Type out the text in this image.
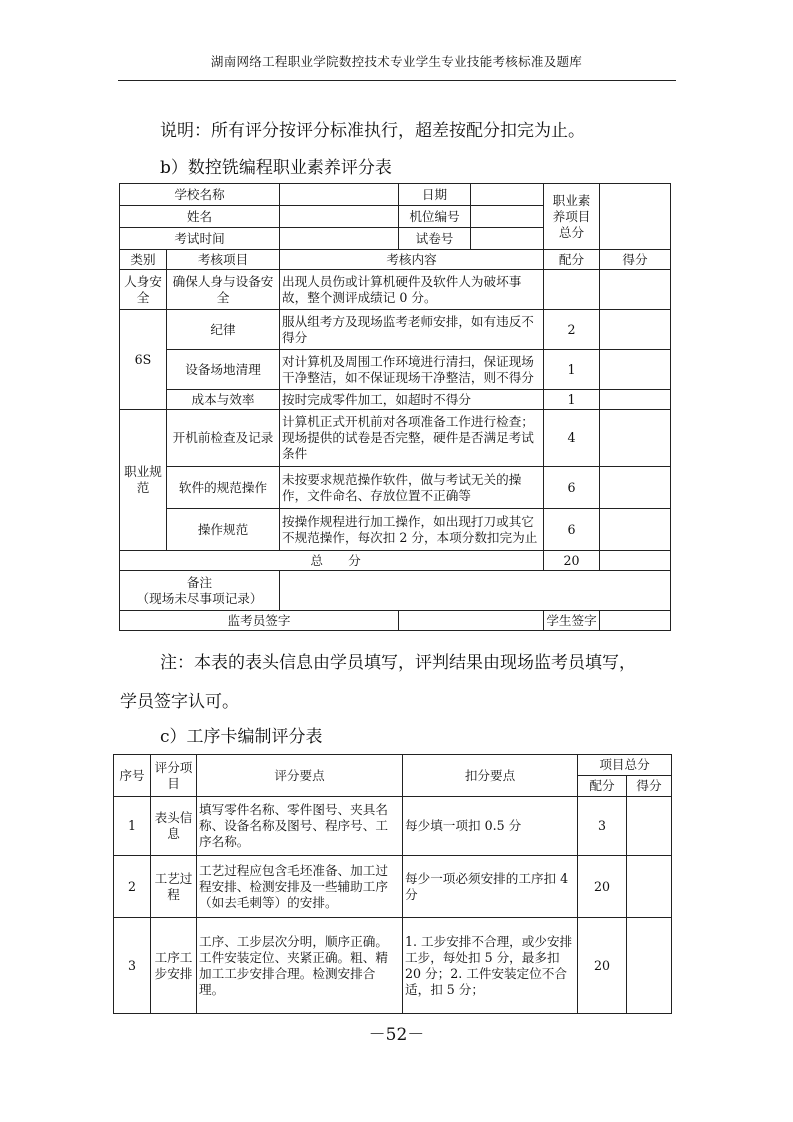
湖南网络工程职业学院数控技术专业学生专业技能考核标准及题库
说明：所有评分按评分标准执行，超差按配分扣完为止。
b）数控铣编程职业素养评分表
学校名称			日期		职业素养项目总分	
姓名			机位编号			
考试时间			试卷号			
类别	考核项目	考核内容			配分	得分
人身安全	确保人身与设备安全	出现人员伤或计算机硬件及软件人为破坏事故，整个测评成绩记 0 分。				
6S	纪律	服从组考方及现场监考老师安排，如有违反不得分			2	
	设备场地清理	对计算机及周围工作环境进行清扫，保证现场干净整洁，如不保证现场干净整洁，则不得分			1	
	成本与效率	按时完成零件加工，如超时不得分			1	
职业规范	开机前检查及记录	计算机正式开机前对各项准备工作进行检查；现场提供的试卷是否完整，硬件是否满足考试条件			4	
	软件的规范操作	未按要求规范操作软件，做与考试无关的操作，文件命名、存放位置不正确等			6	
	操作规范	按操作规程进行加工操作，如出现打刀或其它不规范操作，每次扣 2 分，本项分数扣完为止			6	
总　　分					20	

备注
（现场未尽事项记录）						

监考员签字					学生签字	
注：本表的表头信息由学员填写，评判结果由现场监考员填写，
学员签字认可。
c）工序卡编制评分表
序号	评分项目	评分要点	扣分要点	项目总分	
				配分	得分
1	表头信息	填写零件名称、零件图号、夹具名称、设备名称及图号、程序号、工序名称。	每少填一项扣 0.5 分	3	
2	工艺过程	工艺过程应包含毛坯准备、加工过程安排、检测安排及一些辅助工序（如去毛刺等）的安排。	每少一项必须安排的工序扣 4 分	20	
3	工序工步安排	工序、工步层次分明，顺序正确。工件安装定位、夹紧正确。粗、精加工工步安排合理。检测安排合理。	1. 工步安排不合理，或少安排工步，每处扣 5 分，最多扣 20 分；2. 工件安装定位不合适，扣 5 分；	20	
－52－
